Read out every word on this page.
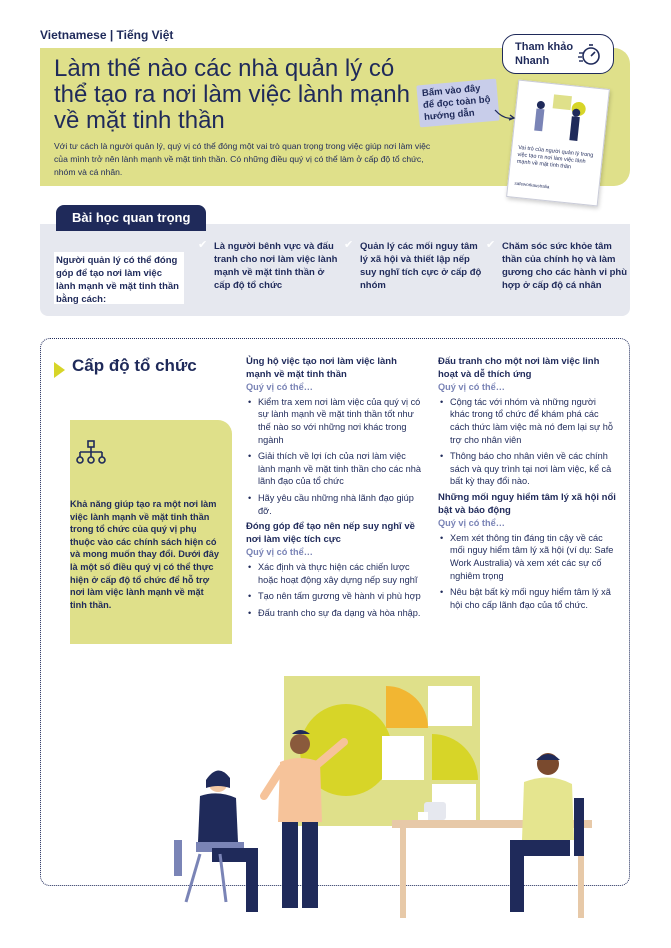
Vietnamese | Tiếng Việt
Làm thế nào các nhà quản lý có thể tạo ra nơi làm việc lành mạnh về mặt tinh thần

Với tư cách là người quản lý, quý vị có thể đóng một vai trò quan trọng trong việc giúp nơi làm việc của mình trở nên lành mạnh về mặt tinh thần. Có những điều quý vị có thể làm ở cấp độ tổ chức, nhóm và cá nhân.

Tham khảo Nhanh
Vai trò của người quản lý trong việc tạo ra nơi làm việc lành mạnh về mặt tinh thần
safeworkaustralia
Bấm vào đây để đọc toàn bộ hướng dẫn
Bài học quan trọng
Người quản lý có thể đóng góp để tạo nơi làm việc lành mạnh về mặt tinh thần bằng cách:
✔ Là người bênh vực và đấu tranh cho nơi làm việc lành mạnh về mặt tinh thần ở cấp độ tổ chức
✔ Quản lý các mối nguy tâm lý xã hội và thiết lập nếp suy nghĩ tích cực ở cấp độ nhóm
✔ Chăm sóc sức khỏe tâm thần của chính họ và làm gương cho các hành vi phù hợp ở cấp độ cá nhân
Cấp độ tổ chức

Khả năng giúp tạo ra một nơi làm việc lành mạnh về mặt tinh thần trong tổ chức của quý vị phụ thuộc vào các chính sách hiện có và mong muốn thay đổi. Dưới đây là một số điều quý vị có thể thực hiện ở cấp độ tổ chức để hỗ trợ nơi làm việc lành mạnh về mặt tinh thần.

Ủng hộ việc tạo nơi làm việc lành mạnh về mặt tinh thần
Quý vị có thể…
• Kiểm tra xem nơi làm việc của quý vị có sự lành mạnh về mặt tinh thần tốt như thế nào so với những nơi khác trong ngành
• Giải thích về lợi ích của nơi làm việc lành mạnh về mặt tinh thần cho các nhà lãnh đạo của tổ chức
• Hãy yêu cầu những nhà lãnh đạo giúp đỡ.
Đóng góp để tạo nên nếp suy nghĩ về nơi làm việc tích cực
Quý vị có thể…
• Xác định và thực hiện các chiến lược hoặc hoạt động xây dựng nếp suy nghĩ
• Tạo nên tấm gương về hành vi phù hợp
• Đấu tranh cho sự đa dạng và hòa nhập.
Đấu tranh cho một nơi làm việc linh hoạt và dễ thích ứng
Quý vị có thể…
• Cộng tác với nhóm và những người khác trong tổ chức để khám phá các cách thức làm việc mà nó đem lại sự hỗ trợ cho nhân viên
• Thông báo cho nhân viên về các chính sách và quy trình tại nơi làm việc, kể cả bất kỳ thay đổi nào.
Những mối nguy hiểm tâm lý xã hội nổi bật và báo động
Quý vị có thể…
• Xem xét thông tin đáng tin cậy về các mối nguy hiểm tâm lý xã hội (ví dụ: Safe Work Australia) và xem xét các sự cố nghiêm trọng
• Nêu bật bất kỳ mối nguy hiểm tâm lý xã hội cho cấp lãnh đạo của tổ chức.
